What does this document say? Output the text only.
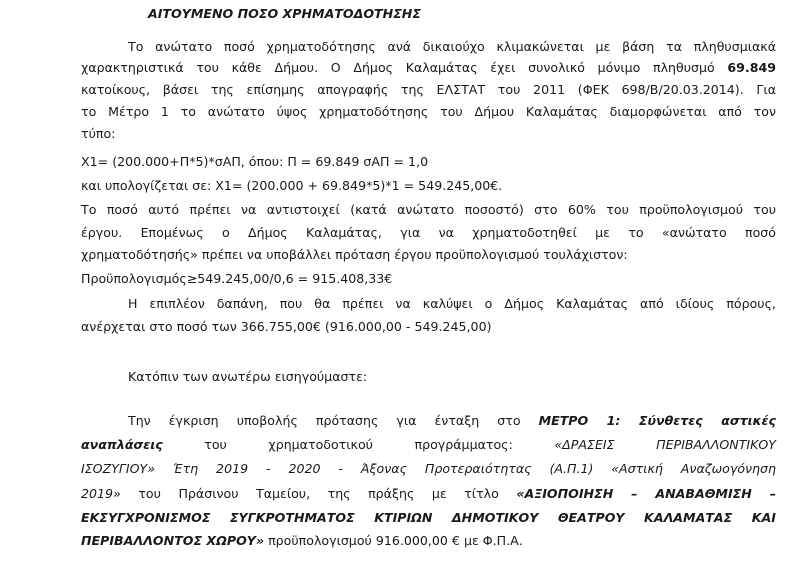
ΑΙΤΟΥΜΕΝΟ ΠΟΣΟ ΧΡΗΜΑΤΟΔΟΤΗΣΗΣ
Το ανώτατο ποσό χρηματοδότησης ανά δικαιούχο κλιμακώνεται με βάση τα πληθυσμιακά
χαρακτηριστικά του κάθε Δήμου. Ο Δήμος Καλαμάτας έχει συνολικό μόνιμο πληθυσμό 69.849
κατοίκους, βάσει της επίσημης απογραφής της ΕΛΣΤΑΤ του 2011 (ΦΕΚ 698/Β/20.03.2014). Για
το Μέτρο 1 το ανώτατο ύψος χρηματοδότησης του Δήμου Καλαμάτας διαμορφώνεται από τον
τύπο:
Χ1= (200.000+Π*5)*σΑΠ, όπου: Π = 69.849 σΑΠ = 1,0
και υπολογίζεται σε: Χ1= (200.000 + 69.849*5)*1 = 549.245,00€.
Το ποσό αυτό πρέπει να αντιστοιχεί (κατά ανώτατο ποσοστό) στο 60% του προϋπολογισμού του
έργου. Επομένως ο Δήμος Καλαμάτας, για να χρηματοδοτηθεί με το «ανώτατο ποσό
χρηματοδότησής» πρέπει να υποβάλλει πρόταση έργου προϋπολογισμού τουλάχιστον:
Προϋπολογισμός≥549.245,00/0,6 = 915.408,33€
Η επιπλέον δαπάνη, που θα πρέπει να καλύψει ο Δήμος Καλαμάτας από ιδίους πόρους,
ανέρχεται στο ποσό των 366.755,00€ (916.000,00 - 549.245,00)
Κατόπιν των ανωτέρω εισηγούμαστε:
Την έγκριση υποβολής πρότασης για ένταξη στο ΜΕΤΡΟ 1: Σύνθετες αστικές
αναπλάσεις του χρηματοδοτικού προγράμματος: «ΔΡΑΣΕΙΣ ΠΕΡΙΒΑΛΛΟΝΤΙΚΟΥ
ΙΣΟΖΥΓΙΟΥ» Έτη 2019 - 2020 - Άξονας Προτεραιότητας (Α.Π.1) «Αστική Αναζωογόνηση
2019» του Πράσινου Ταμείου, της πράξης με τίτλο «ΑΞΙΟΠΟΙΗΣΗ – ΑΝΑΒΑΘΜΙΣΗ –
ΕΚΣΥΓΧΡΟΝΙΣΜΟΣ ΣΥΓΚΡΟΤΗΜΑΤΟΣ ΚΤΙΡΙΩΝ ΔΗΜΟΤΙΚΟΥ ΘΕΑΤΡΟΥ ΚΑΛΑΜΑΤΑΣ ΚΑΙ
ΠΕΡΙΒΑΛΛΟΝΤΟΣ ΧΩΡΟΥ» προϋπολογισμού 916.000,00 € με Φ.Π.Α.
